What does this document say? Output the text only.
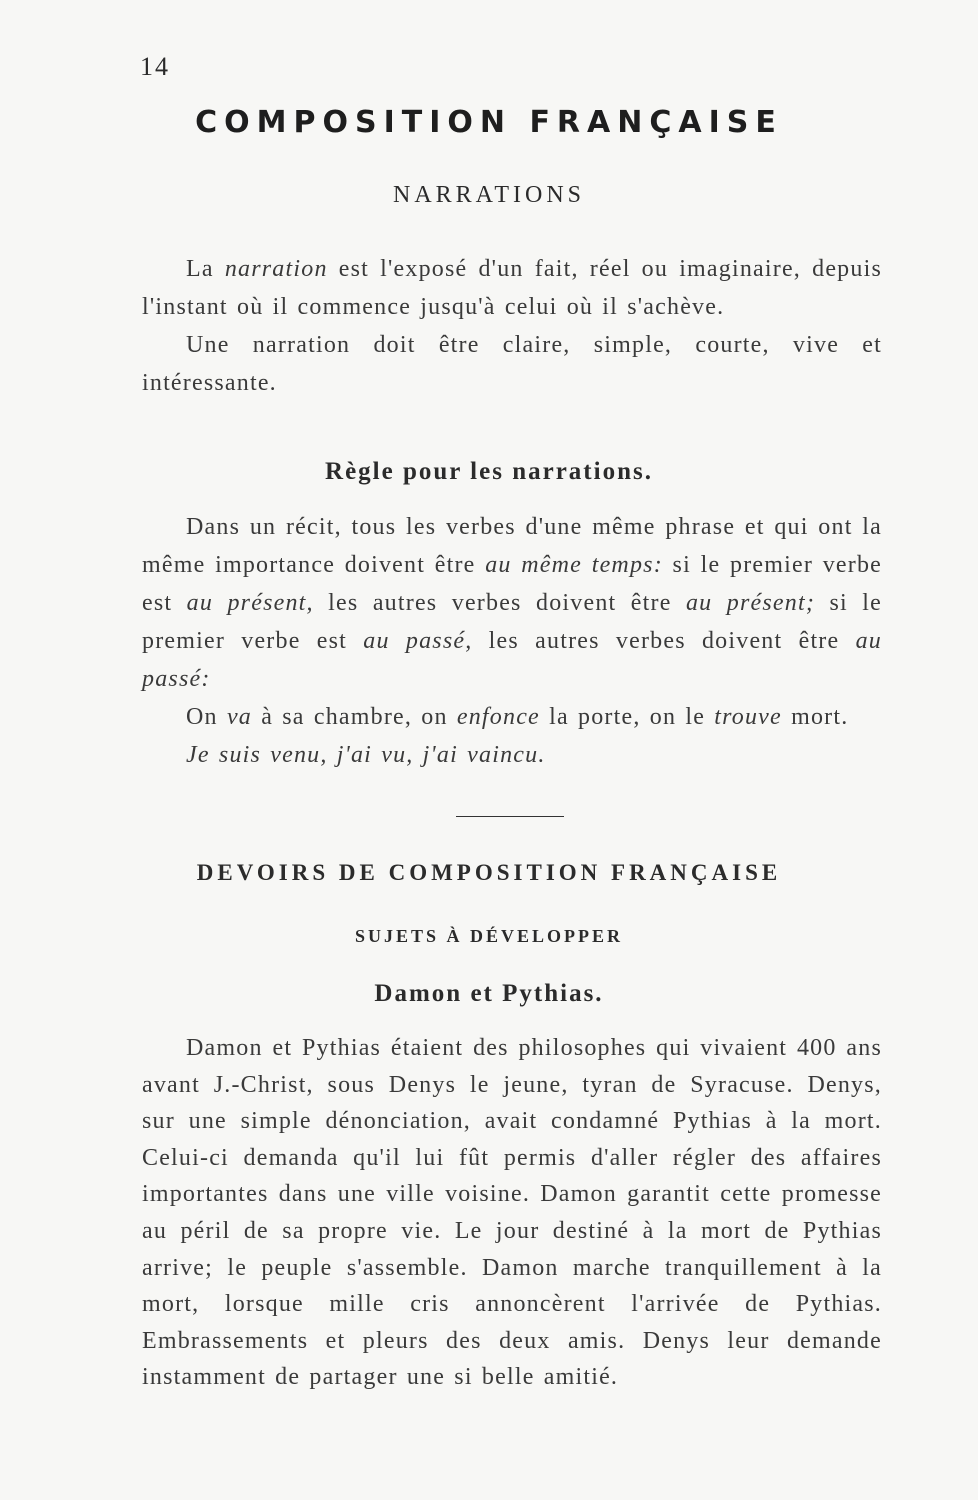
14
COMPOSITION FRANÇAISE
NARRATIONS

La narration est l'exposé d'un fait, réel ou imaginaire, depuis l'instant où il commence jusqu'à celui où il s'achève.

Une narration doit être claire, simple, courte, vive et intéressante.

Règle pour les narrations.

Dans un récit, tous les verbes d'une même phrase et qui ont la même importance doivent être au même temps: si le premier verbe est au présent, les autres verbes doivent être au présent; si le premier verbe est au passé, les autres verbes doivent être au passé:

On va à sa chambre, on enfonce la porte, on le trouve mort.

Je suis venu, j'ai vu, j'ai vaincu.

DEVOIRS DE COMPOSITION FRANÇAISE
SUJETS À DÉVELOPPER
Damon et Pythias.

Damon et Pythias étaient des philosophes qui vivaient 400 ans avant J.-Christ, sous Denys le jeune, tyran de Syracuse. Denys, sur une simple dénonciation, avait condamné Pythias à la mort. Celui-ci demanda qu'il lui fût permis d'aller régler des affaires importantes dans une ville voisine. Damon garantit cette promesse au péril de sa propre vie. Le jour destiné à la mort de Pythias arrive; le peuple s'assemble. Damon marche tranquillement à la mort, lorsque mille cris annoncèrent l'arrivée de Pythias. Embrassements et pleurs des deux amis. Denys leur demande instamment de partager une si belle amitié.
